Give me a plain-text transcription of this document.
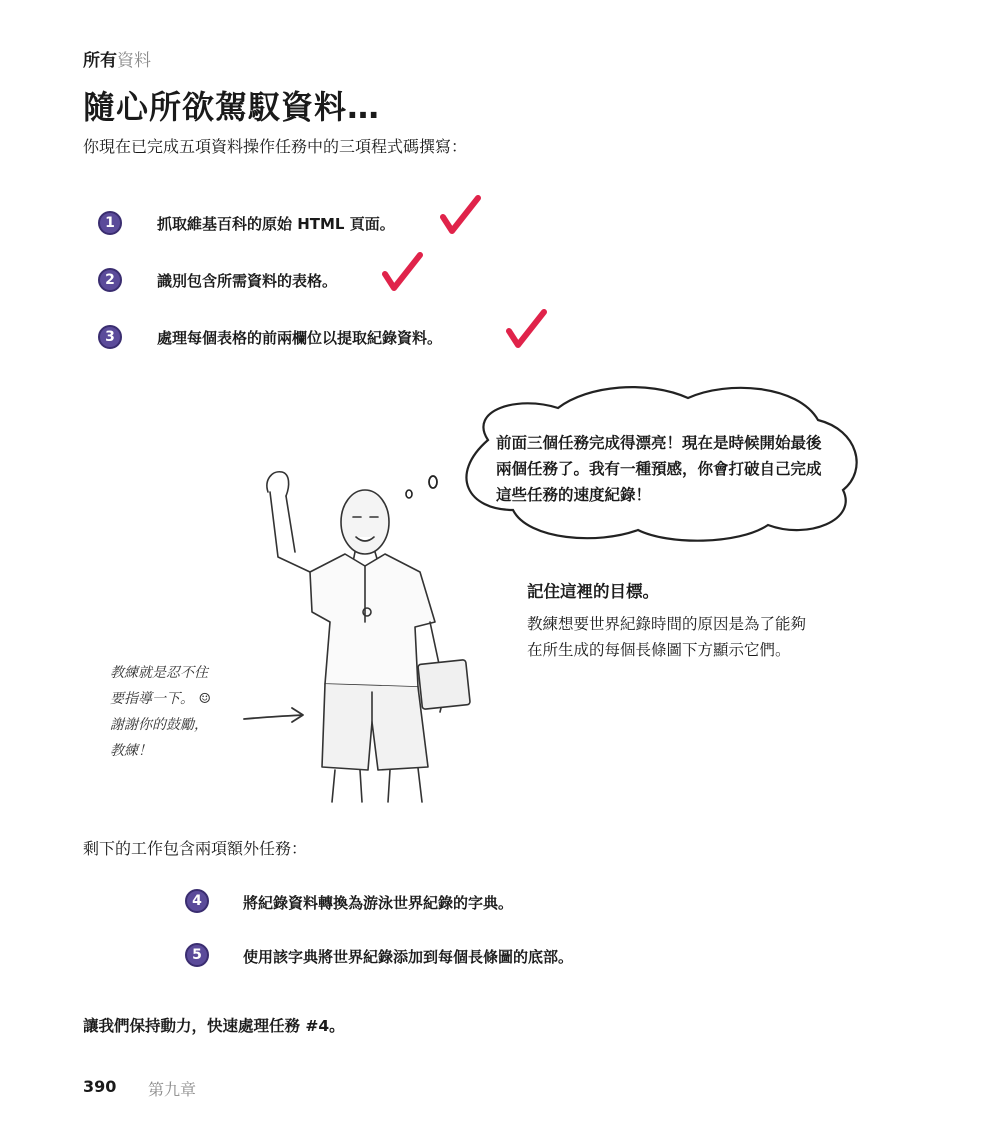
所有資料
隨心所欲駕馭資料…
你現在已完成五項資料操作任務中的三項程式碼撰寫：
1	抓取維基百科的原始 HTML 頁面。
2	識別包含所需資料的表格。
3	處理每個表格的前兩欄位以提取紀錄資料。
前面三個任務完成得漂亮！現在是時候開始最後兩個任務了。我有一種預感，你會打破自己完成這些任務的速度紀錄！
教練就是忍不住
要指導一下。 ☺
謝謝你的鼓勵，
教練！
記住這裡的目標。
教練想要世界紀錄時間的原因是為了能夠在所生成的每個長條圖下方顯示它們。
剩下的工作包含兩項額外任務：
4	將紀錄資料轉換為游泳世界紀錄的字典。
5	使用該字典將世界紀錄添加到每個長條圖的底部。
讓我們保持動力，快速處理任務 #4。
390 第九章
